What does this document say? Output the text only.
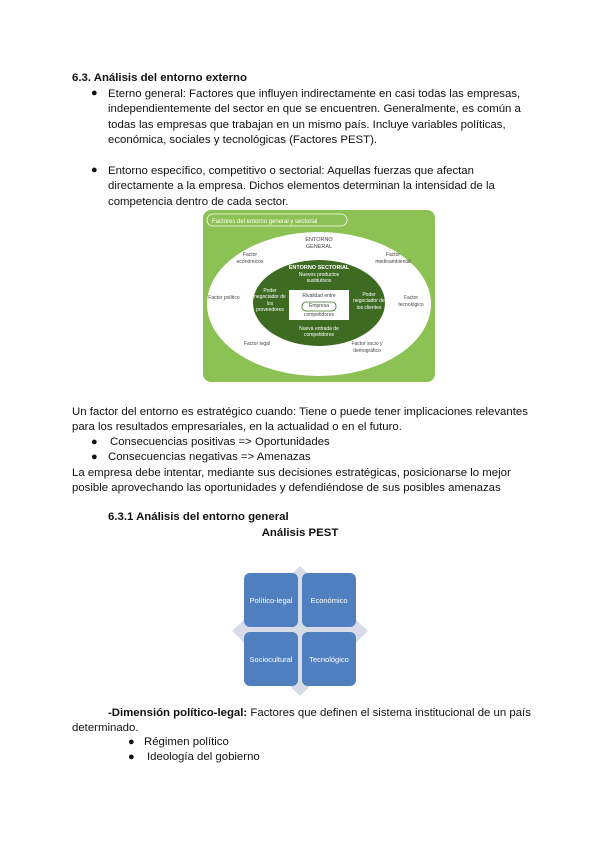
6.3. Análisis del entorno externo
● Eterno general: Factores que influyen indirectamente en casi todas las empresas,
independientemente del sector en que se encuentren. Generalmente, es común a
todas las empresas que trabajan en un mismo país. Incluye variables políticas,
económica, sociales y tecnológicas (Factores PEST).
● Entorno específico, competitivo o sectorial: Aquellas fuerzas que afectan
directamente a la empresa. Dichos elementos determinan la intensidad de la
competencia dentro de cada sector.
Factores del entorno general y sectorial
ENTORNO GENERAL
Factor económicos
Factor medioambiental
Factor político	Factor tecnológico
Factor legal	Factor socio y demográfico
ENTORNO SECTORIAL
Nuevos productos sustitutivos
Poder negociador de los proveedores
Poder negociador de los clientes
Rivalidad entre
Empresa
competidores
Nueva entrada de competidores
Un factor del entorno es estratégico cuando: Tiene o puede tener implicaciones relevantes
para los resultados empresariales, en la actualidad o en el futuro.
● Consecuencias positivas => Oportunidades
● Consecuencias negativas => Amenazas
La empresa debe intentar, mediante sus decisiones estratégicas, posicionarse lo mejor
posible aprovechando las oportunidades y defendiéndose de sus posibles amenazas
6.3.1 Análisis del entorno general
Análisis PEST
Político-legal Económico
Sociocultural Tecnológico
-Dimensión político-legal: Factores que definen el sistema institucional de un país
determinado.
● Régimen político
● Ideología del gobierno
